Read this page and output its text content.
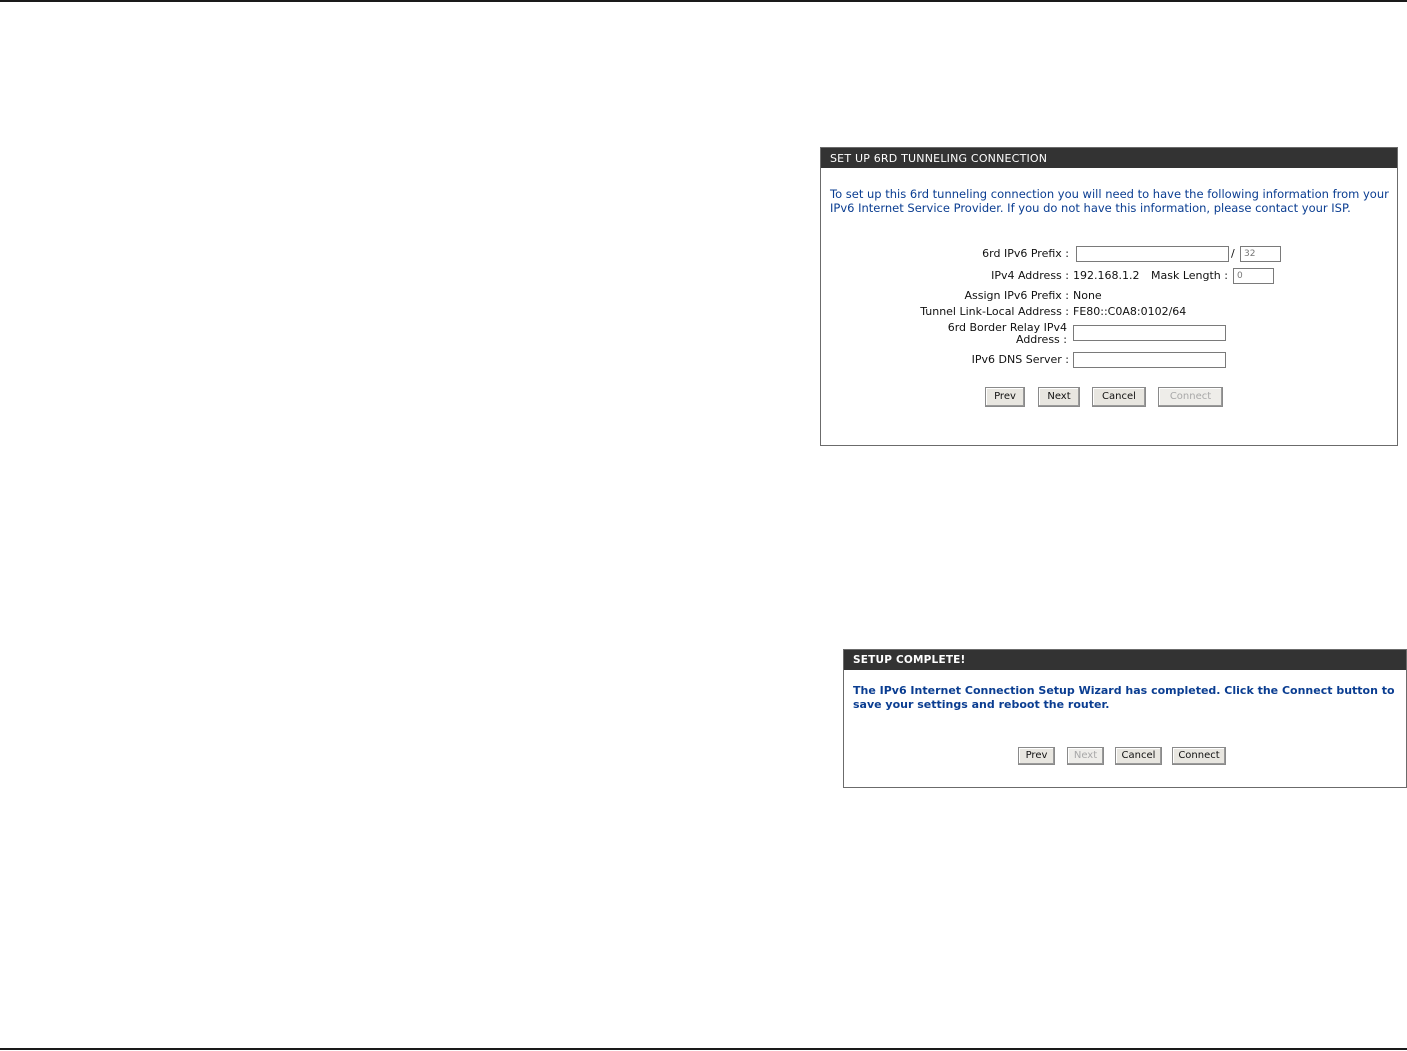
SET UP 6RD TUNNELING CONNECTION
To set up this 6rd tunneling connection you will need to have the following information from your IPv6 Internet Service Provider. If you do not have this information, please contact your ISP.
6rd IPv6 Prefix :	/
32
IPv4 Address : 192.168.1.2 Mask Length :
0
Assign IPv6 Prefix : None
Tunnel Link-Local Address : FE80::C0A8:0102/64
6rd Border Relay IPv4
Address :
IPv6 DNS Server :
Prev	Next	Cancel	Connect
SETUP COMPLETE!
The IPv6 Internet Connection Setup Wizard has completed. Click the Connect button to save your settings and reboot the router.
Prev	Next	Cancel	Connect
